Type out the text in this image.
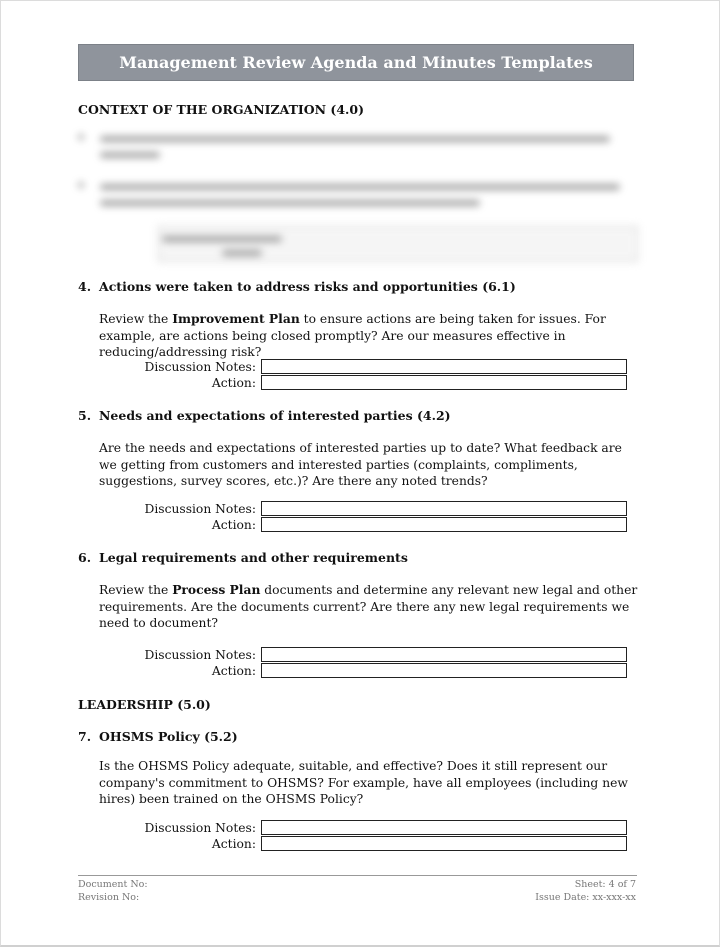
Management Review Agenda and Minutes Templates
CONTEXT OF THE ORGANIZATION (4.0)
4. Actions were taken to address risks and opportunities (6.1)
Review the Improvement Plan to ensure actions are being taken for issues. For example, are actions being closed promptly? Are our measures effective in reducing/addressing risk?
Discussion Notes:
Action:
5. Needs and expectations of interested parties (4.2)
Are the needs and expectations of interested parties up to date? What feedback are we getting from customers and interested parties (complaints, compliments, suggestions, survey scores, etc.)? Are there any noted trends?
Discussion Notes:
Action:
6. Legal requirements and other requirements
Review the Process Plan documents and determine any relevant new legal and other requirements. Are the documents current? Are there any new legal requirements we need to document?
Discussion Notes:
Action:
LEADERSHIP (5.0)
7. OHSMS Policy (5.2)
Is the OHSMS Policy adequate, suitable, and effective? Does it still represent our company's commitment to OHSMS? For example, have all employees (including new hires) been trained on the OHSMS Policy?
Discussion Notes:
Action:
Document No:
Revision No:
Sheet: 4 of 7
Issue Date: xx-xxx-xx
